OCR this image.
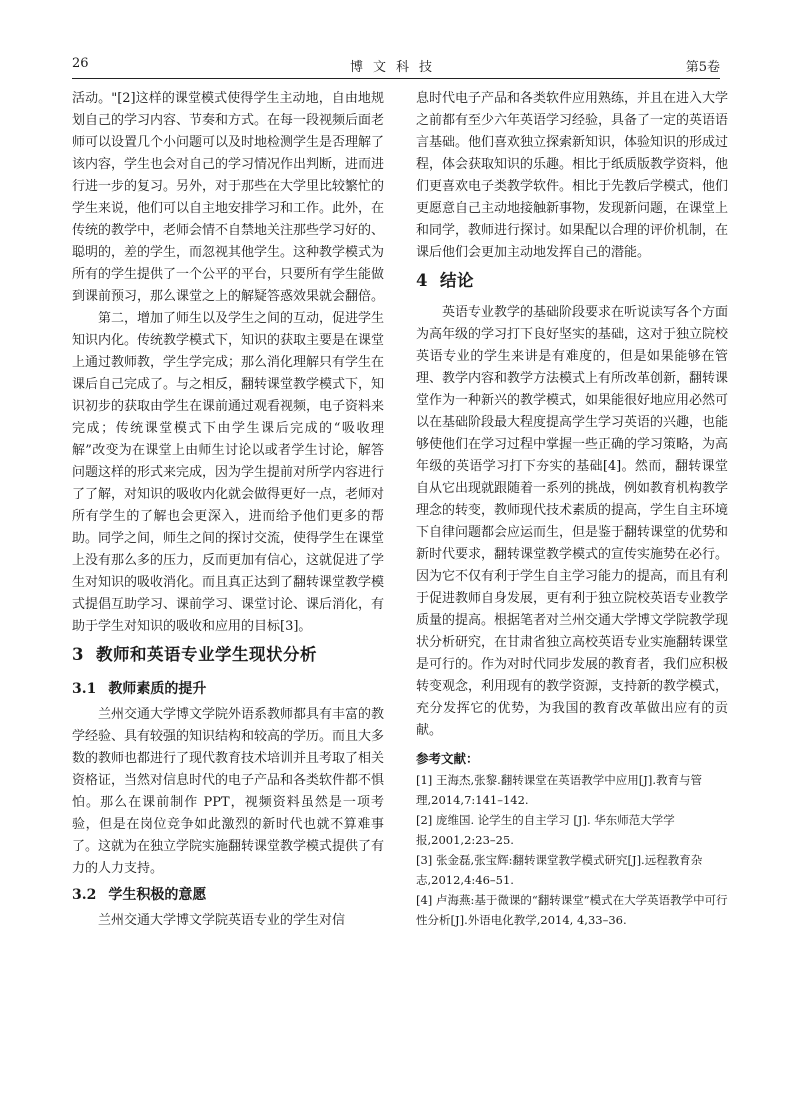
26	博文科技	第5卷

活动。"[2]这样的课堂模式使得学生主动地，自由地规划自己的学习内容、节奏和方式。在每一段视频后面老师可以设置几个小问题可以及时地检测学生是否理解了该内容，学生也会对自己的学习情况作出判断，进而进行进一步的复习。另外，对于那些在大学里比较繁忙的学生来说，他们可以自主地安排学习和工作。此外，在传统的教学中，老师会情不自禁地关注那些学习好的、聪明的，差的学生，而忽视其他学生。这种教学模式为所有的学生提供了一个公平的平台，只要所有学生能做到课前预习，那么课堂之上的解疑答惑效果就会翻倍。

第二，增加了师生以及学生之间的互动，促进学生知识内化。传统教学模式下，知识的获取主要是在课堂上通过教师教，学生学完成；那么消化理解只有学生在课后自己完成了。与之相反，翻转课堂教学模式下，知识初步的获取由学生在课前通过观看视频，电子资料来完成；传统课堂模式下由学生课后完成的“吸收理解”改变为在课堂上由师生讨论以或者学生讨论，解答问题这样的形式来完成，因为学生提前对所学内容进行了了解，对知识的吸收内化就会做得更好一点，老师对所有学生的了解也会更深入，进而给予他们更多的帮助。同学之间，师生之间的探讨交流，使得学生在课堂上没有那么多的压力，反而更加有信心，这就促进了学生对知识的吸收消化。而且真正达到了翻转课堂教学模式提倡互助学习、课前学习、课堂讨论、课后消化，有助于学生对知识的吸收和应用的目标[3]。

3 教师和英语专业学生现状分析
3.1 教师素质的提升

兰州交通大学博文学院外语系教师都具有丰富的教学经验、具有较强的知识结构和较高的学历。而且大多数的教师也都进行了现代教育技术培训并且考取了相关资格证，当然对信息时代的电子产品和各类软件都不惧怕。那么在课前制作 PPT，视频资料虽然是一项考验，但是在岗位竞争如此激烈的新时代也就不算难事了。这就为在独立学院实施翻转课堂教学模式提供了有力的人力支持。

3.2 学生积极的意愿

兰州交通大学博文学院英语专业的学生对信

息时代电子产品和各类软件应用熟练，并且在进入大学之前都有至少六年英语学习经验，具备了一定的英语语言基础。他们喜欢独立探索新知识，体验知识的形成过程，体会获取知识的乐趣。相比于纸质版教学资料，他们更喜欢电子类教学软件。相比于先教后学模式，他们更愿意自己主动地接触新事物，发现新问题，在课堂上和同学，教师进行探讨。如果配以合理的评价机制，在课后他们会更加主动地发挥自己的潜能。

4 结论

英语专业教学的基础阶段要求在听说读写各个方面为高年级的学习打下良好坚实的基础，这对于独立院校英语专业的学生来讲是有难度的，但是如果能够在管理、教学内容和教学方法模式上有所改革创新，翻转课堂作为一种新兴的教学模式，如果能很好地应用必然可以在基础阶段最大程度提高学生学习英语的兴趣，也能够使他们在学习过程中掌握一些正确的学习策略，为高年级的英语学习打下夯实的基础[4]。然而，翻转课堂自从它出现就跟随着一系列的挑战，例如教育机构教学理念的转变，教师现代技术素质的提高，学生自主环境下自律问题都会应运而生，但是鉴于翻转课堂的优势和新时代要求，翻转课堂教学模式的宣传实施势在必行。因为它不仅有利于学生自主学习能力的提高，而且有利于促进教师自身发展，更有利于独立院校英语专业教学质量的提高。根据笔者对兰州交通大学博文学院教学现状分析研究，在甘肃省独立高校英语专业实施翻转课堂是可行的。作为对时代同步发展的教育者，我们应积极转变观念，利用现有的教学资源，支持新的教学模式，充分发挥它的优势，为我国的教育改革做出应有的贡献。

参考文献：

[1] 王海杰,张黎.翻转课堂在英语教学中应用[J].教育与管理,2014,7:141–142.

[2] 庞维国. 论学生的自主学习 [J]. 华东师范大学学报,2001,2:23–25.

[3] 张金磊,张宝辉:翻转课堂教学模式研究[J].远程教育杂志,2012,4:46–51.

[4] 卢海燕:基于微课的“翻转课堂”模式在大学英语教学中可行性分析[J].外语电化教学,2014, 4,33–36.
